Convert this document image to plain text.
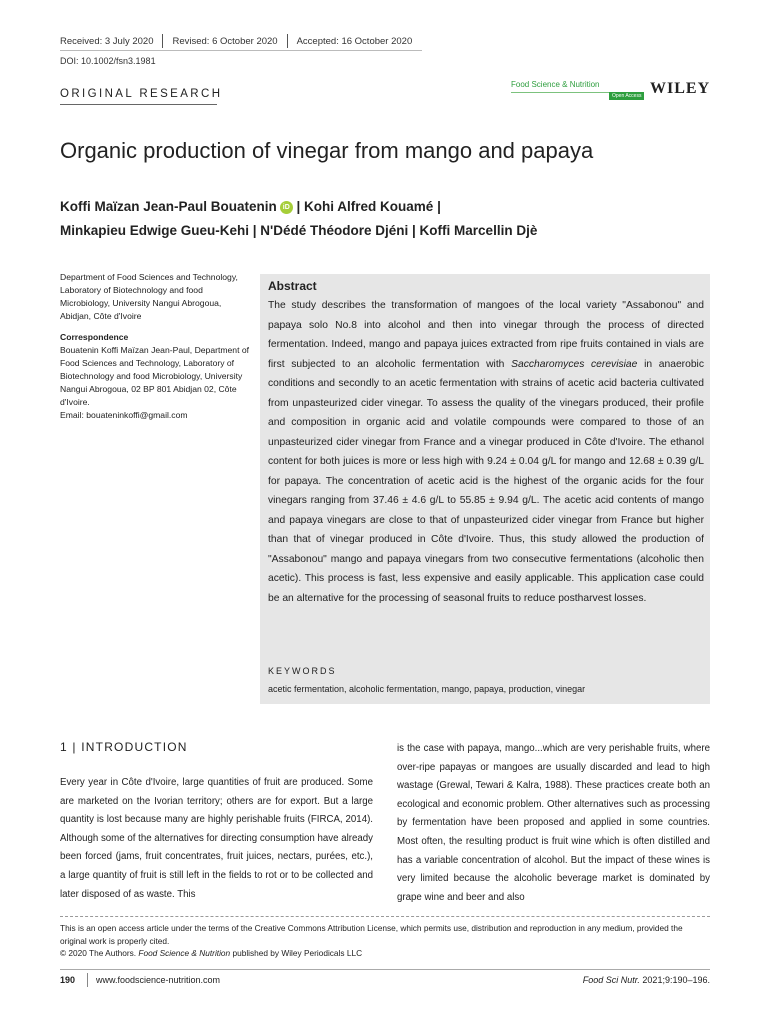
Received: 3 July 2020 Revised: 6 October 2020 Accepted: 16 October 2020
DOI: 10.1002/fsn3.1981
ORIGINAL RESEARCH
Food Science & Nutrition
Open Access WILEY
Organic production of vinegar from mango and papaya
Koffi Maïzan Jean-Paul Bouatenin iD | Kohi Alfred Kouamé |
Minkapieu Edwige Gueu-Kehi | N'Dédé Théodore Djéni | Koffi Marcellin Djè
Department of Food Sciences and Technology, Laboratory of Biotechnology and food Microbiology, University Nangui Abrogoua, Abidjan, Côte d'Ivoire
Correspondence
Bouatenin Koffi Maïzan Jean-Paul, Department of Food Sciences and Technology, Laboratory of Biotechnology and food Microbiology, University Nangui Abrogoua, 02 BP 801 Abidjan 02, Côte d'Ivoire.
Email: bouateninkoffi@gmail.com
Abstract
The study describes the transformation of mangoes of the local variety "Assabonou" and papaya solo No.8 into alcohol and then into vinegar through the process of directed fermentation. Indeed, mango and papaya juices extracted from ripe fruits contained in vials are first subjected to an alcoholic fermentation with Saccharomyces cerevisiae in anaerobic conditions and secondly to an acetic fermentation with strains of acetic acid bacteria cultivated from unpasteurized cider vinegar. To assess the quality of the vinegars produced, their profile and composition in organic acid and volatile compounds were compared to those of an unpasteurized cider vinegar from France and a vinegar produced in Côte d'Ivoire. The ethanol content for both juices is more or less high with 9.24 ± 0.04 g/L for mango and 12.68 ± 0.39 g/L for papaya. The concentration of acetic acid is the highest of the organic acids for the four vinegars ranging from 37.46 ± 4.6 g/L to 55.85 ± 9.94 g/L. The acetic acid contents of mango and papaya vinegars are close to that of unpasteurized cider vinegar from France but higher than that of vinegar produced in Côte d'Ivoire. Thus, this study allowed the production of "Assabonou" mango and papaya vinegars from two consecutive fermentations (alcoholic then acetic). This process is fast, less expensive and easily applicable. This application case could be an alternative for the processing of seasonal fruits to reduce postharvest losses.
KEYWORDS
acetic fermentation, alcoholic fermentation, mango, papaya, production, vinegar
1 | INTRODUCTION
Every year in Côte d'Ivoire, large quantities of fruit are produced. Some are marketed on the Ivorian territory; others are for export. But a large quantity is lost because many are highly perishable fruits (FIRCA, 2014). Although some of the alternatives for directing consumption have already been forced (jams, fruit concentrates, fruit juices, nectars, purées, etc.), a large quantity of fruit is still left in the fields to rot or to be collected and later disposed of as waste. This
is the case with papaya, mango...which are very perishable fruits, where over-ripe papayas or mangoes are usually discarded and lead to high wastage (Grewal, Tewari & Kalra, 1988). These practices create both an ecological and economic problem. Other alternatives such as processing by fermentation have been proposed and applied in some countries. Most often, the resulting product is fruit wine which is often distilled and has a variable concentration of alcohol. But the impact of these wines is very limited because the alcoholic beverage market is dominated by grape wine and beer and also
This is an open access article under the terms of the Creative Commons Attribution License, which permits use, distribution and reproduction in any medium, provided the original work is properly cited.
© 2020 The Authors. Food Science & Nutrition published by Wiley Periodicals LLC
190 www.foodscience-nutrition.com	Food Sci Nutr. 2021;9:190–196.
